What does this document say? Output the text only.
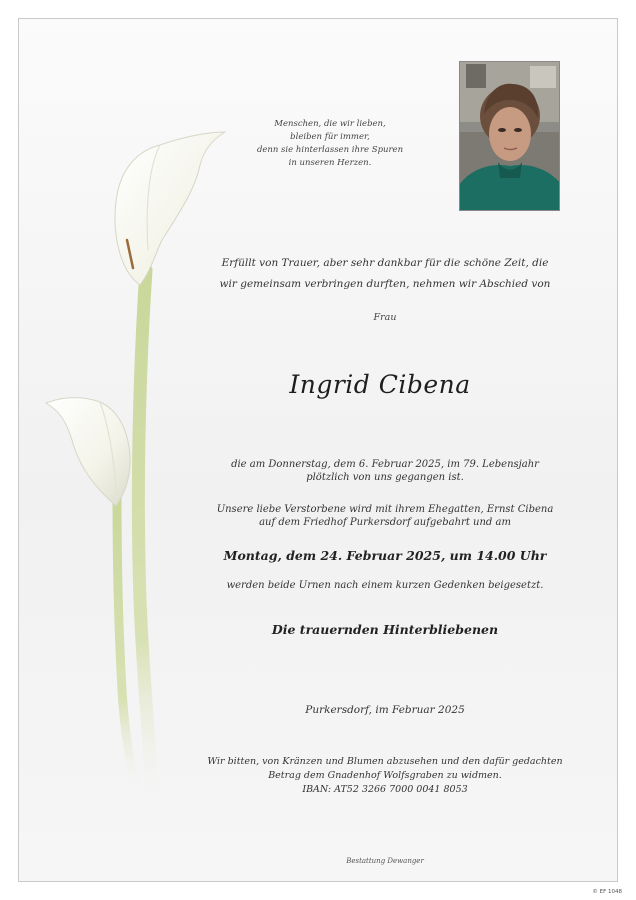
Menschen, die wir lieben,
bleiben für immer,
denn sie hinterlassen ihre Spuren
in unseren Herzen.
Erfüllt von Trauer, aber sehr dankbar für die schöne Zeit, die
wir gemeinsam verbringen durften, nehmen wir Abschied von
Frau
Ingrid Cibena
die am Donnerstag, dem 6. Februar 2025, im 79. Lebensjahr
plötzlich von uns gegangen ist.
Unsere liebe Verstorbene wird mit ihrem Ehegatten, Ernst Cibena
auf dem Friedhof Purkersdorf aufgebahrt und am
Montag, dem 24. Februar 2025, um 14.00 Uhr
werden beide Urnen nach einem kurzen Gedenken beigesetzt.
Die trauernden Hinterbliebenen
Purkersdorf, im Februar 2025
Wir bitten, von Kränzen und Blumen abzusehen und den dafür gedachten
Betrag dem Gnadenhof Wolfsgraben zu widmen.
IBAN: AT52 3266 7000 0041 8053
Bestattung Dewanger
© EF 1048
